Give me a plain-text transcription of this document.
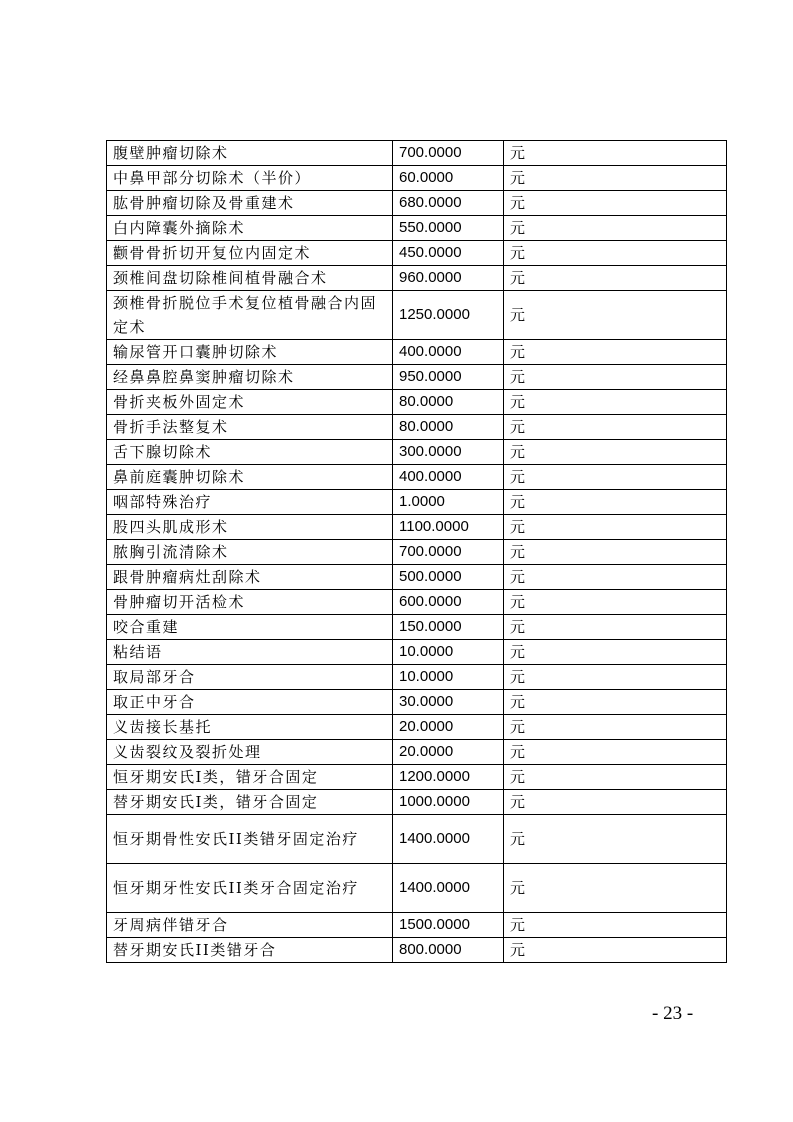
腹壁肿瘤切除术	700.0000	元
中鼻甲部分切除术（半价）	60.0000	元
肱骨肿瘤切除及骨重建术	680.0000	元
白内障囊外摘除术	550.0000	元
颧骨骨折切开复位内固定术	450.0000	元
颈椎间盘切除椎间植骨融合术	960.0000	元
颈椎骨折脱位手术复位植骨融合内固定术	1250.0000	元
输尿管开口囊肿切除术	400.0000	元
经鼻鼻腔鼻窦肿瘤切除术	950.0000	元
骨折夹板外固定术	80.0000	元
骨折手法整复术	80.0000	元
舌下腺切除术	300.0000	元
鼻前庭囊肿切除术	400.0000	元
咽部特殊治疗	1.0000	元
股四头肌成形术	1100.0000	元
脓胸引流清除术	700.0000	元
跟骨肿瘤病灶刮除术	500.0000	元
骨肿瘤切开活检术	600.0000	元
咬合重建	150.0000	元
粘结语	10.0000	元
取局部牙合	10.0000	元
取正中牙合	30.0000	元
义齿接长基托	20.0000	元
义齿裂纹及裂折处理	20.0000	元
恒牙期安氏I类，错牙合固定	1200.0000	元
替牙期安氏I类，错牙合固定	1000.0000	元
恒牙期骨性安氏II类错牙固定治疗	1400.0000	元
恒牙期牙性安氏II类牙合固定治疗	1400.0000	元
牙周病伴错牙合	1500.0000	元
替牙期安氏II类错牙合	800.0000	元
- 23 -
